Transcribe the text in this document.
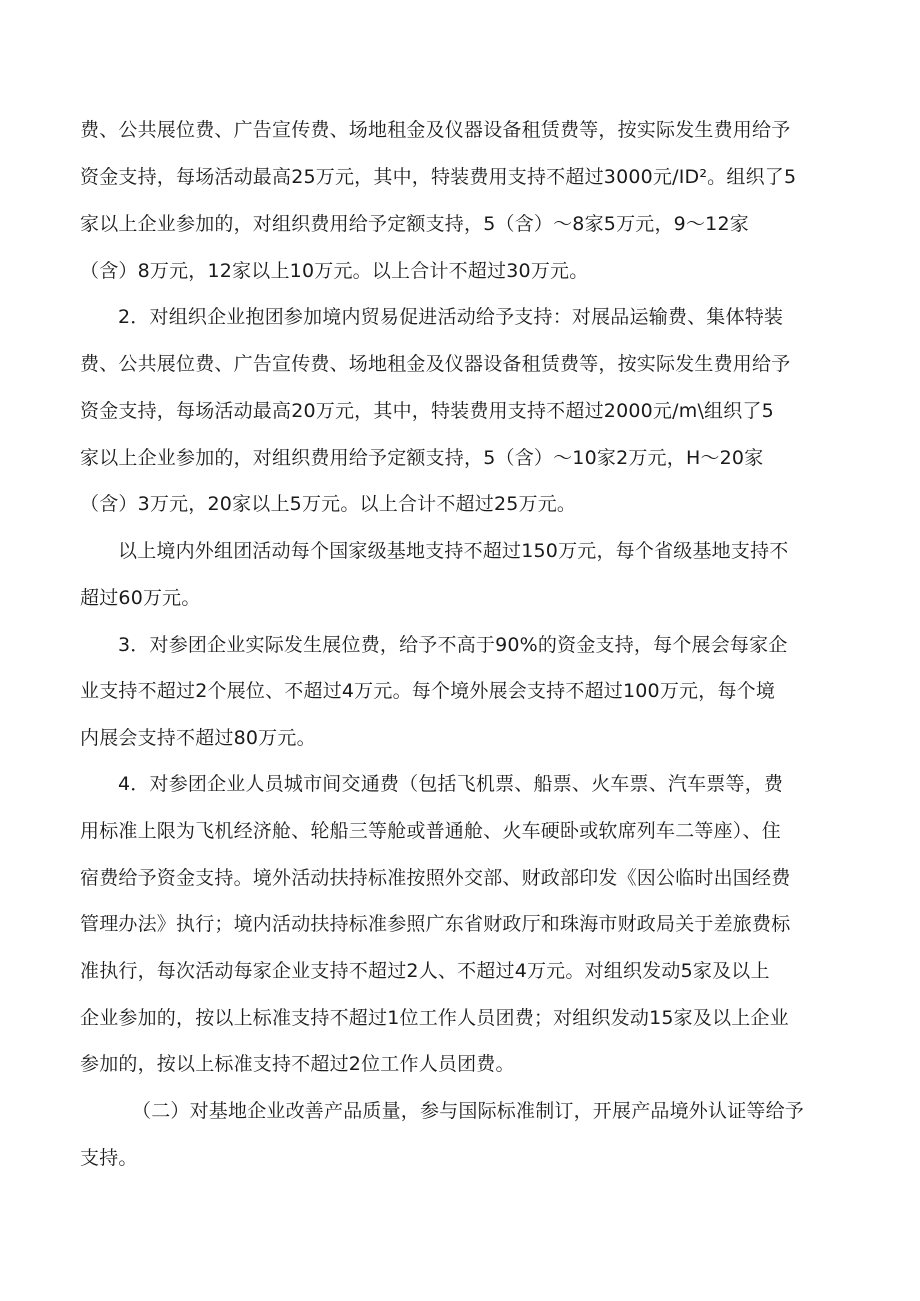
费、公共展位费、广告宣传费、场地租金及仪器设备租赁费等，按实际发生费用给予
资金支持，每场活动最高25万元，其中，特装费用支持不超过3000元/ID²。组织了5
家以上企业参加的，对组织费用给予定额支持，5（含）～8家5万元，9～12家
（含）8万元，12家以上10万元。以上合计不超过30万元。
2．对组织企业抱团参加境内贸易促进活动给予支持：对展品运输费、集体特装
费、公共展位费、广告宣传费、场地租金及仪器设备租赁费等，按实际发生费用给予
资金支持，每场活动最高20万元，其中，特装费用支持不超过2000元/m\组织了5
家以上企业参加的，对组织费用给予定额支持，5（含）～10家2万元，H～20家
（含）3万元，20家以上5万元。以上合计不超过25万元。
以上境内外组团活动每个国家级基地支持不超过150万元，每个省级基地支持不
超过60万元。
3．对参团企业实际发生展位费，给予不高于90%的资金支持，每个展会每家企
业支持不超过2个展位、不超过4万元。每个境外展会支持不超过100万元，每个境
内展会支持不超过80万元。
4．对参团企业人员城市间交通费（包括飞机票、船票、火车票、汽车票等，费
用标准上限为飞机经济舱、轮船三等舱或普通舱、火车硬卧或软席列车二等座）、住
宿费给予资金支持。境外活动扶持标准按照外交部、财政部印发《因公临时出国经费
管理办法》执行；境内活动扶持标准参照广东省财政厅和珠海市财政局关于差旅费标
准执行，每次活动每家企业支持不超过2人、不超过4万元。对组织发动5家及以上
企业参加的，按以上标准支持不超过1位工作人员团费；对组织发动15家及以上企业
参加的，按以上标准支持不超过2位工作人员团费。
（二）对基地企业改善产品质量，参与国际标准制订，开展产品境外认证等给予
支持。
